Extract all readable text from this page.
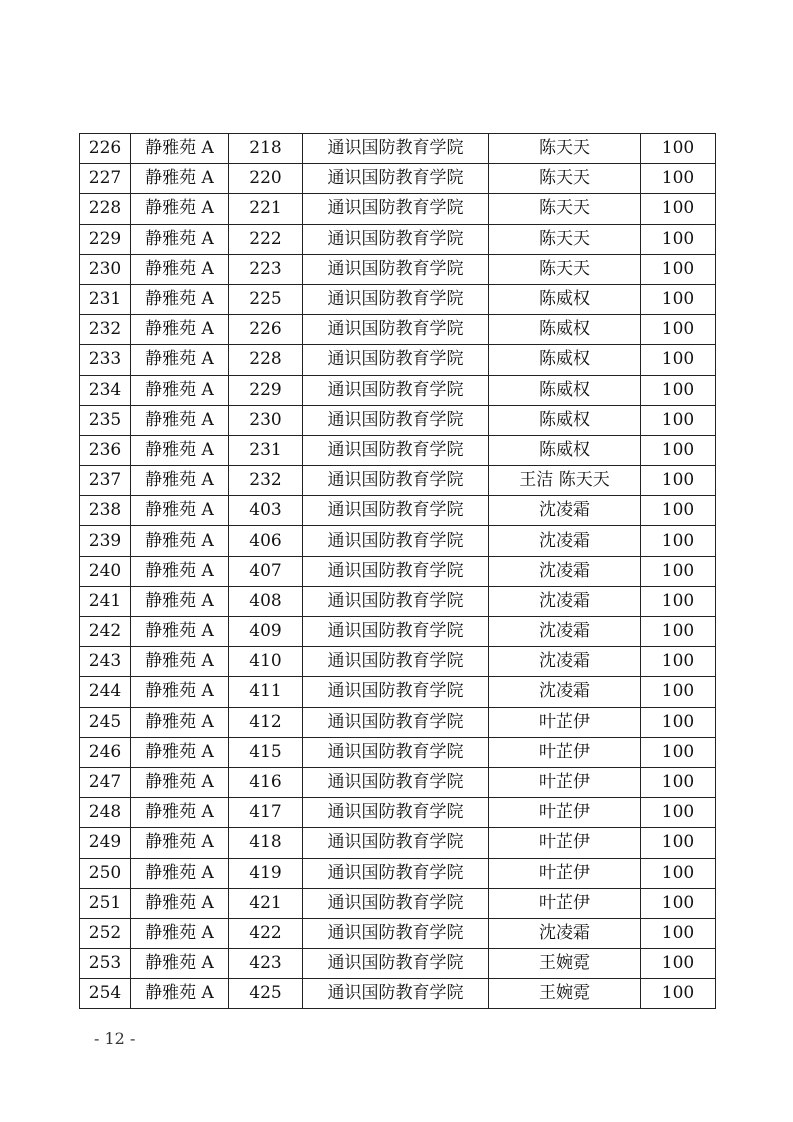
226	静雅苑 A	218	通识国防教育学院	陈天天	100
227	静雅苑 A	220	通识国防教育学院	陈天天	100
228	静雅苑 A	221	通识国防教育学院	陈天天	100
229	静雅苑 A	222	通识国防教育学院	陈天天	100
230	静雅苑 A	223	通识国防教育学院	陈天天	100
231	静雅苑 A	225	通识国防教育学院	陈威权	100
232	静雅苑 A	226	通识国防教育学院	陈威权	100
233	静雅苑 A	228	通识国防教育学院	陈威权	100
234	静雅苑 A	229	通识国防教育学院	陈威权	100
235	静雅苑 A	230	通识国防教育学院	陈威权	100
236	静雅苑 A	231	通识国防教育学院	陈威权	100
237	静雅苑 A	232	通识国防教育学院	王洁 陈天天	100
238	静雅苑 A	403	通识国防教育学院	沈凌霜	100
239	静雅苑 A	406	通识国防教育学院	沈凌霜	100
240	静雅苑 A	407	通识国防教育学院	沈凌霜	100
241	静雅苑 A	408	通识国防教育学院	沈凌霜	100
242	静雅苑 A	409	通识国防教育学院	沈凌霜	100
243	静雅苑 A	410	通识国防教育学院	沈凌霜	100
244	静雅苑 A	411	通识国防教育学院	沈凌霜	100
245	静雅苑 A	412	通识国防教育学院	叶芷伊	100
246	静雅苑 A	415	通识国防教育学院	叶芷伊	100
247	静雅苑 A	416	通识国防教育学院	叶芷伊	100
248	静雅苑 A	417	通识国防教育学院	叶芷伊	100
249	静雅苑 A	418	通识国防教育学院	叶芷伊	100
250	静雅苑 A	419	通识国防教育学院	叶芷伊	100
251	静雅苑 A	421	通识国防教育学院	叶芷伊	100
252	静雅苑 A	422	通识国防教育学院	沈凌霜	100
253	静雅苑 A	423	通识国防教育学院	王婉霓	100
254	静雅苑 A	425	通识国防教育学院	王婉霓	100
- 12 -
